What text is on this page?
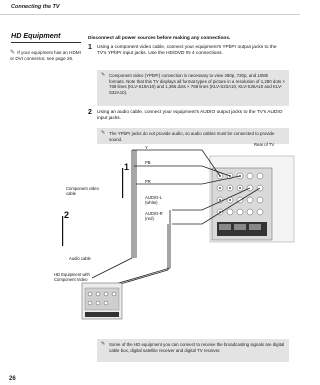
Connecting the TV
HD Equipment
✎ If your equipment has an HDMI or DVI connector, see page 26.
Disconnect all power sources before making any connections.
1 Using a component video cable, connect your equipment's YPbPr output jacks to the TV's YPbPr input jacks. Use the HD/DVD IN 4 connections.
✎ Component video (YPbPr) connection is necessary to view 480p, 720p, and 1080i formats. Note that this TV displays all format types of picture in a resolution of 1,280 dots × 768 lines (KLV-S19A10) and 1,366 dots × 768 lines (KLV-S23A10, KLV-S26A10 and KLV-S32A10).
2 Using an audio cable, connect your equipment's AUDIO output jacks to the TV's AUDIO input jacks.
✎ The YPbPr jacks do not provide audio, so audio cables must be connected to provide sound.
Y
PB
PR
Rear of TV
Component video cable
AUDIO-L (white)
AUDIO-R (red)
Audio cable
HD Equipment with Component Video
1
2
✎ Some of the HD equipment you can connect to receive the broadcasting signals are digital cable box, digital satellite receiver and digital TV receiver.
26
